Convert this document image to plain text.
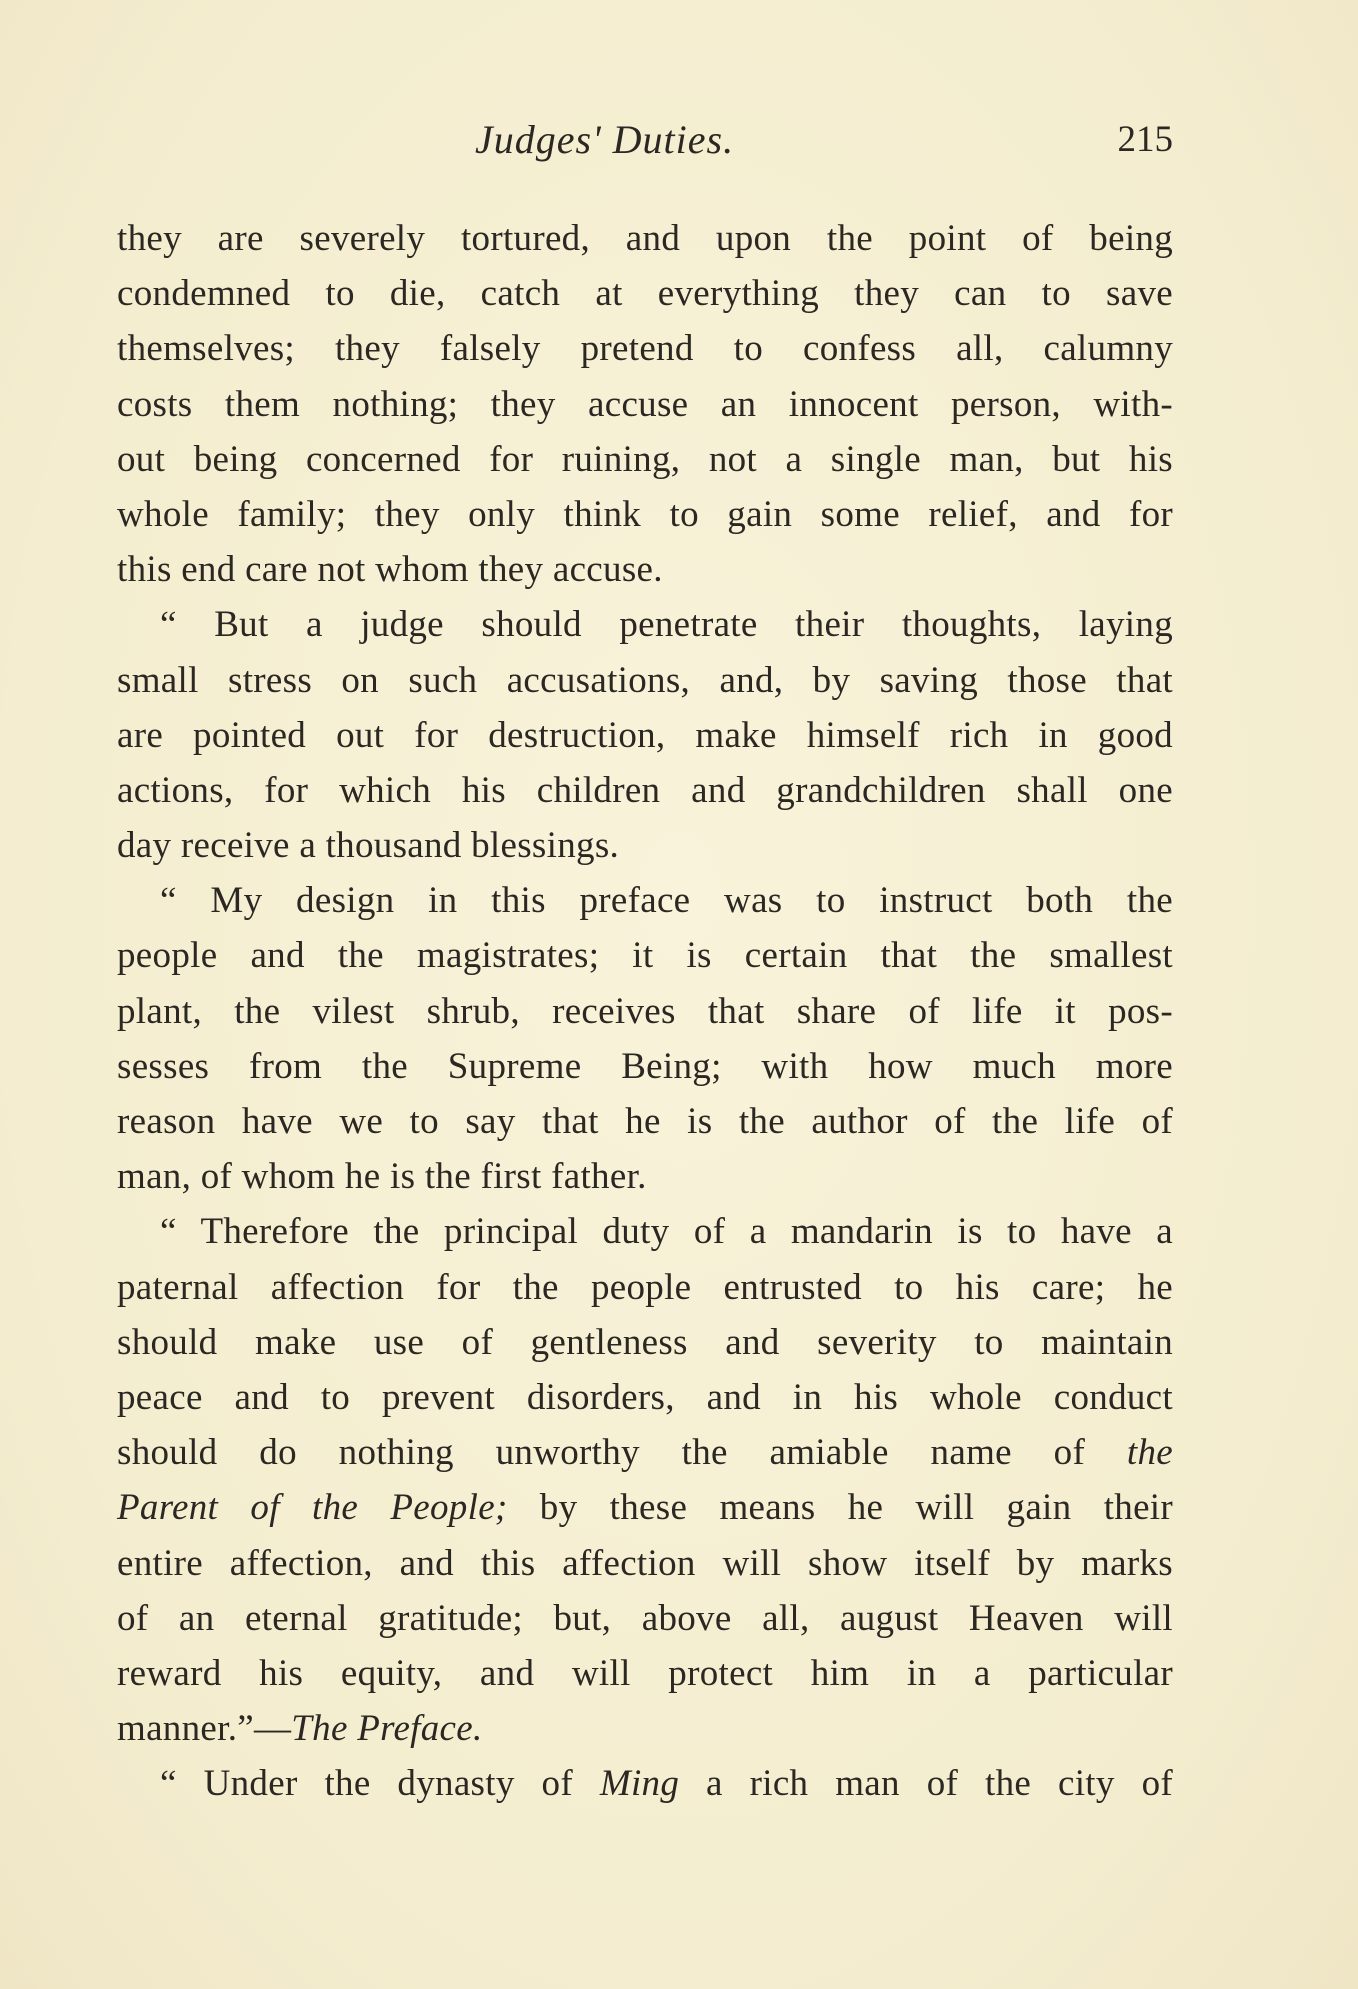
Judges' Duties.	215
they are severely tortured, and upon the point of being
condemned to die, catch at everything they can to save
themselves; they falsely pretend to confess all, calumny
costs them nothing; they accuse an innocent person, with-
out being concerned for ruining, not a single man, but his
whole family; they only think to gain some relief, and for
this end care not whom they accuse.
“ But a judge should penetrate their thoughts, laying
small stress on such accusations, and, by saving those that
are pointed out for destruction, make himself rich in good
actions, for which his children and grandchildren shall one
day receive a thousand blessings.
“ My design in this preface was to instruct both the
people and the magistrates; it is certain that the smallest
plant, the vilest shrub, receives that share of life it pos-
sesses from the Supreme Being; with how much more
reason have we to say that he is the author of the life of
man, of whom he is the first father.
“ Therefore the principal duty of a mandarin is to have a
paternal affection for the people entrusted to his care; he
should make use of gentleness and severity to maintain
peace and to prevent disorders, and in his whole conduct
should do nothing unworthy the amiable name of the
Parent of the People; by these means he will gain their
entire affection, and this affection will show itself by marks
of an eternal gratitude; but, above all, august Heaven will
reward his equity, and will protect him in a particular
manner.”—The Preface.
“ Under the dynasty of Ming a rich man of the city of
